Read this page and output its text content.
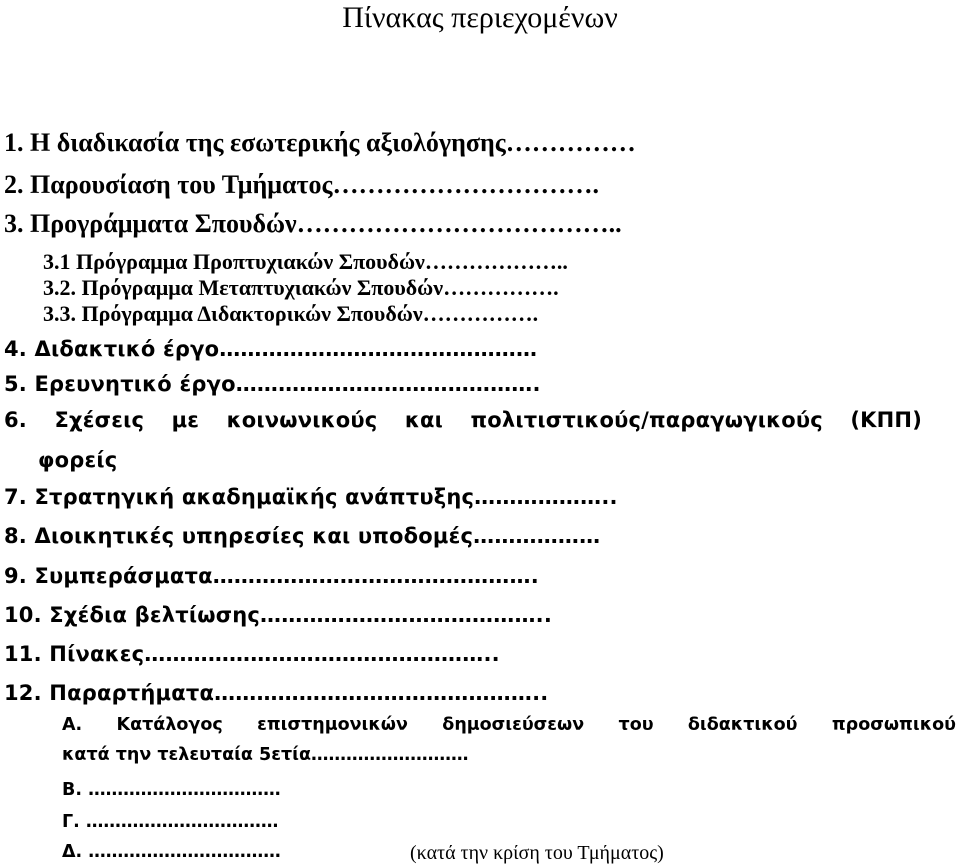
Πίνακας περιεχομένων
1. Η διαδικασία της εσωτερικής αξιολόγησης……………
2. Παρουσίαση του Τμήματος………………………….
3. Προγράμματα Σπουδών………………………………..
3.1 Πρόγραμμα Προπτυχιακών Σπουδών………………..
3.2. Πρόγραμμα Μεταπτυχιακών Σπουδών…………….
3.3. Πρόγραμμα Διδακτορικών Σπουδών…………….
4. Διδακτικό έργο………………………………………
5. Ερευνητικό έργο…………………………………….
6. Σχέσεις με κοινωνικούς και πολιτιστικούς/παραγωγικούς (ΚΠΠ)
φορείς
7. Στρατηγική ακαδημαϊκής ανάπτυξης………………..
8. Διοικητικές υπηρεσίες και υποδομές………………
9. Συμπεράσματα……………………………………….
10. Σχέδια βελτίωσης…………………………………..
11. Πίνακες…………………………………………..
12. Παραρτήματα………………………………………..
Α. Κατάλογος επιστημονικών δημοσιεύσεων του διδακτικού προσωπικού
κατά την τελευταία 5ετία………………………
Β. ……………………………
Γ. ……………………………
Δ. ……………………………	(κατά την κρίση του Τμήματος)
